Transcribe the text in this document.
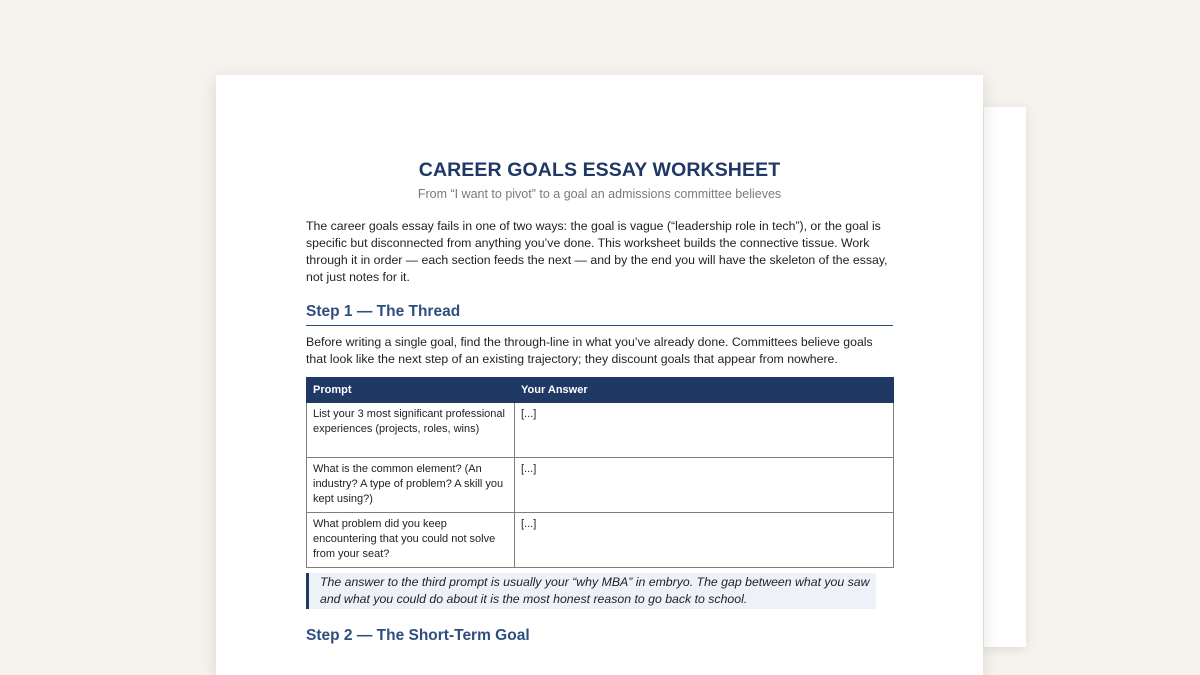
CAREER GOALS ESSAY WORKSHEET

From “I want to pivot” to a goal an admissions committee believes

The career goals essay fails in one of two ways: the goal is vague (“leadership role in tech”), or the goal is specific but disconnected from anything you’ve done. This worksheet builds the connective tissue. Work through it in order — each section feeds the next — and by the end you will have the skeleton of the essay, not just notes for it.

Step 1 — The Thread

Before writing a single goal, find the through-line in what you’ve already done. Committees believe goals that look like the next step of an existing trajectory; they discount goals that appear from nowhere.

Prompt	Your Answer
List your 3 most significant professional experiences (projects, roles, wins)	[...]
What is the common element? (An industry? A type of problem? A skill you kept using?)	[...]
What problem did you keep encountering that you could not solve from your seat?	[...]
The answer to the third prompt is usually your “why MBA” in embryo. The gap between what you saw and what you could do about it is the most honest reason to go back to school.
Step 2 — The Short-Term Goal
